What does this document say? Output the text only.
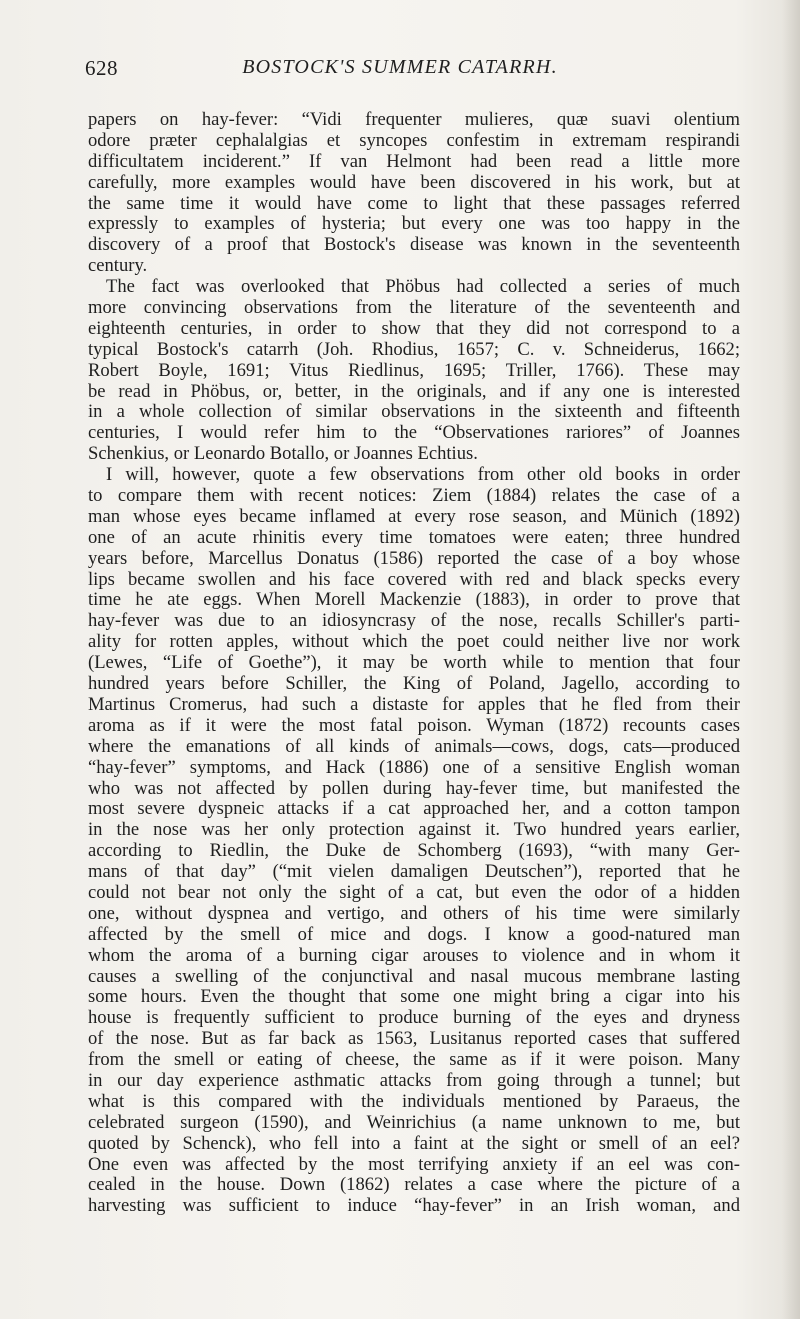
628	BOSTOCK'S SUMMER CATARRH.
papers on hay-fever: “Vidi frequenter mulieres, quæ suavi olentium
odore præter cephalalgias et syncopes confestim in extremam respirandi
difficultatem inciderent.” If van Helmont had been read a little more
carefully, more examples would have been discovered in his work, but at
the same time it would have come to light that these passages referred
expressly to examples of hysteria; but every one was too happy in the
discovery of a proof that Bostock's disease was known in the seventeenth
century.
The fact was overlooked that Phöbus had collected a series of much
more convincing observations from the literature of the seventeenth and
eighteenth centuries, in order to show that they did not correspond to a
typical Bostock's catarrh (Joh. Rhodius, 1657; C. v. Schneiderus, 1662;
Robert Boyle, 1691; Vitus Riedlinus, 1695; Triller, 1766). These may
be read in Phöbus, or, better, in the originals, and if any one is interested
in a whole collection of similar observations in the sixteenth and fifteenth
centuries, I would refer him to the “Observationes rariores” of Joannes
Schenkius, or Leonardo Botallo, or Joannes Echtius.
I will, however, quote a few observations from other old books in order
to compare them with recent notices: Ziem (1884) relates the case of a
man whose eyes became inflamed at every rose season, and Münich (1892)
one of an acute rhinitis every time tomatoes were eaten; three hundred
years before, Marcellus Donatus (1586) reported the case of a boy whose
lips became swollen and his face covered with red and black specks every
time he ate eggs. When Morell Mackenzie (1883), in order to prove that
hay-fever was due to an idiosyncrasy of the nose, recalls Schiller's parti-
ality for rotten apples, without which the poet could neither live nor work
(Lewes, “Life of Goethe”), it may be worth while to mention that four
hundred years before Schiller, the King of Poland, Jagello, according to
Martinus Cromerus, had such a distaste for apples that he fled from their
aroma as if it were the most fatal poison. Wyman (1872) recounts cases
where the emanations of all kinds of animals—cows, dogs, cats—produced
“hay-fever” symptoms, and Hack (1886) one of a sensitive English woman
who was not affected by pollen during hay-fever time, but manifested the
most severe dyspneic attacks if a cat approached her, and a cotton tampon
in the nose was her only protection against it. Two hundred years earlier,
according to Riedlin, the Duke de Schomberg (1693), “with many Ger-
mans of that day” (“mit vielen damaligen Deutschen”), reported that he
could not bear not only the sight of a cat, but even the odor of a hidden
one, without dyspnea and vertigo, and others of his time were similarly
affected by the smell of mice and dogs. I know a good-natured man
whom the aroma of a burning cigar arouses to violence and in whom it
causes a swelling of the conjunctival and nasal mucous membrane lasting
some hours. Even the thought that some one might bring a cigar into his
house is frequently sufficient to produce burning of the eyes and dryness
of the nose. But as far back as 1563, Lusitanus reported cases that suffered
from the smell or eating of cheese, the same as if it were poison. Many
in our day experience asthmatic attacks from going through a tunnel; but
what is this compared with the individuals mentioned by Paraeus, the
celebrated surgeon (1590), and Weinrichius (a name unknown to me, but
quoted by Schenck), who fell into a faint at the sight or smell of an eel?
One even was affected by the most terrifying anxiety if an eel was con-
cealed in the house. Down (1862) relates a case where the picture of a
harvesting was sufficient to induce “hay-fever” in an Irish woman, and
